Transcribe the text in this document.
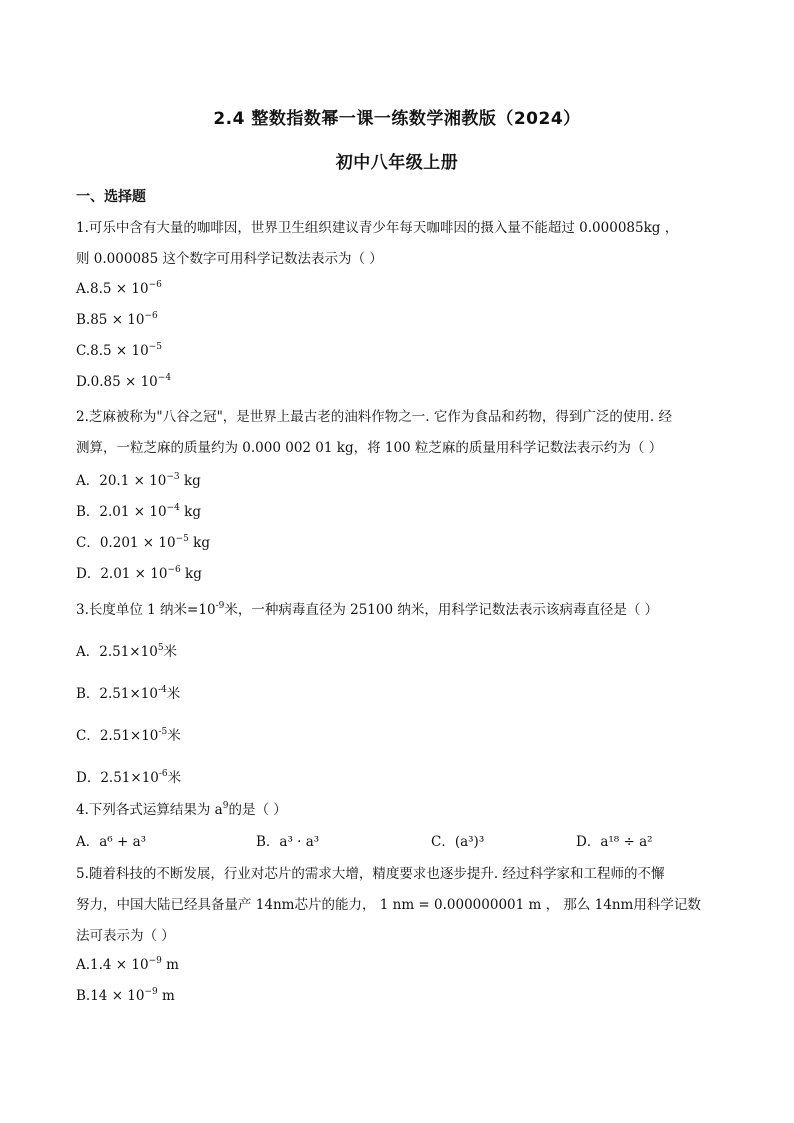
2.4 整数指数幂一课一练数学湘教版（2024）
初中八年级上册
一、选择题
1.可乐中含有大量的咖啡因，世界卫生组织建议青少年每天咖啡因的摄入量不能超过 0.000085kg ，
则 0.000085 这个数字可用科学记数法表示为（ ）
$A.8.5 \times 10^{-6}$
$B.85 \times 10^{-6}$
$C.8.5 \times 10^{-5}$
$D.0.85 \times 10^{-4}$
2.芝麻被称为"八谷之冠"，是世界上最古老的油料作物之一. 它作为食品和药物，得到广泛的使用. 经
测算，一粒芝麻的质量约为 0.000 002 01 kg，将 100 粒芝麻的质量用科学记数法表示约为（ ）
A．$20.1 \times 10^{-3}$ kg
B．$2.01 \times 10^{-4}$ kg
C．$0.201 \times 10^{-5}$ kg
D．$2.01 \times 10^{-6}$ kg
3.长度单位 1 纳米$=10^{-9}$米，一种病毒直径为 25100 纳米，用科学记数法表示该病毒直径是（ ）
A．$2.51\times 10^5$米
B．$2.51\times 10^{-4}$米
C．$2.51\times 10^{-5}$米
D．$2.51\times 10^{-6}$米
4.下列各式运算结果为 $a^9$的是（ ）
A．a⁶ + a³	B．a³ · a³	C．(a³)³	D．a¹⁸ ÷ a²
5.随着科技的不断发展，行业对芯片的需求大增，精度要求也逐步提升. 经过科学家和工程师的不懈
努力，中国大陆已经具备量产 14nm芯片的能力， 1 nm = 0.000000001 m ， 那么 14nm用科学记数
法可表示为（ ）
$A.1.4 \times 10^{-9}$ m
$B.14 \times 10^{-9}$ m
